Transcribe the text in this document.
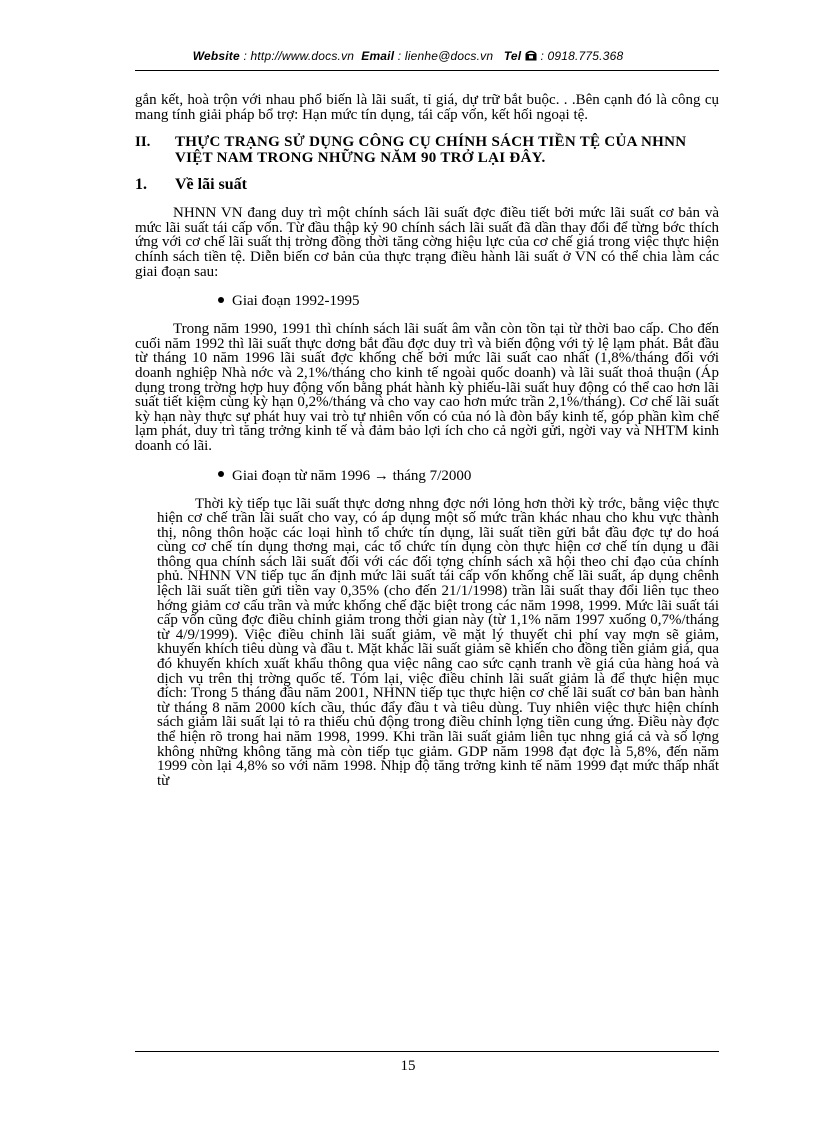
Website : http://www.docs.vn Email : lienhe@docs.vn Tel : 0918.775.368

gắn kết, hoà trộn với nhau phổ biến là lãi suất, tỉ giá, dự trữ bắt buộc. . .Bên cạnh đó là công cụ mang tính giải pháp bổ trợ: Hạn mức tín dụng, tái cấp vốn, kết hối ngoại tệ.

II.	THỰC TRẠNG SỬ DỤNG CÔNG CỤ CHÍNH SÁCH TIỀN TỆ CỦA NHNN VIỆT NAM TRONG NHỮNG NĂM 90 TRỞ LẠI ĐÂY.
1.	Về lãi suất

NHNN VN đang duy trì một chính sách lãi suất đợc điều tiết bởi mức lãi suất cơ bản và mức lãi suất tái cấp vốn. Từ đầu thập kỷ 90 chính sách lãi suất đã dần thay đổi để từng bớc thích ứng với cơ chế lãi suất thị trờng đồng thời tăng cờng hiệu lực của cơ chế giá trong việc thực hiện chính sách tiền tệ. Diễn biến cơ bản của thực trạng điều hành lãi suất ở VN có thể chia làm các giai đoạn sau:

Giai đoạn 1992-1995

Trong năm 1990, 1991 thì chính sách lãi suất âm vẫn còn tồn tại từ thời bao cấp. Cho đến cuối năm 1992 thì lãi suất thực dơng bắt đầu đợc duy trì và biến động với tỷ lệ lạm phát. Bắt đầu từ tháng 10 năm 1996 lãi suất đợc khống chế bởi mức lãi suất cao nhất (1,8%/tháng đối với doanh nghiệp Nhà nớc và 2,1%/tháng cho kinh tế ngoài quốc doanh) và lãi suất thoả thuận (Áp dụng trong trờng hợp huy động vốn bằng phát hành kỳ phiếu-lãi suất huy động có thể cao hơn lãi suất tiết kiệm cùng kỳ hạn 0,2%/tháng và cho vay cao hơn mức trần 2,1%/tháng). Cơ chế lãi suất kỳ hạn này thực sự phát huy vai trò tự nhiên vốn có của nó là đòn bẩy kinh tế, góp phần kìm chế lạm phát, duy trì tăng trởng kinh tế và đảm bảo lợi ích cho cả ngời gửi, ngời vay và NHTM kinh doanh có lãi.

Giai đoạn từ năm 1996 → tháng 7/2000

Thời kỳ tiếp tục lãi suất thực dơng nhng đợc nới lỏng hơn thời kỳ trớc, bằng việc thực hiện cơ chế trần lãi suất cho vay, có áp dụng một số mức trần khác nhau cho khu vực thành thị, nông thôn hoặc các loại hình tổ chức tín dụng, lãi suất tiền gửi bắt đầu đợc tự do hoá cùng cơ chế tín dụng thơng mại, các tổ chức tín dụng còn thực hiện cơ chế tín dụng u đãi thông qua chính sách lãi suất đối với các đối tợng chính sách xã hội theo chỉ đạo của chính phủ. NHNN VN tiếp tục ấn định mức lãi suất tái cấp vốn khống chế lãi suất, áp dụng chênh lệch lãi suất tiền gửi tiền vay 0,35% (cho đến 21/1/1998) trần lãi suất thay đổi liên tục theo hớng giảm cơ cấu trần và mức khống chế đặc biệt trong các năm 1998, 1999. Mức lãi suất tái cấp vốn cũng đợc điều chỉnh giảm trong thời gian này (từ 1,1% năm 1997 xuống 0,7%/tháng từ 4/9/1999). Việc điều chỉnh lãi suất giảm, về mặt lý thuyết chi phí vay mợn sẽ giảm, khuyến khích tiêu dùng và đầu t. Mặt khác lãi suất giảm sẽ khiến cho đồng tiền giảm giá, qua đó khuyến khích xuất khẩu thông qua việc nâng cao sức cạnh tranh về giá của hàng hoá và dịch vụ trên thị trờng quốc tế. Tóm lại, việc điều chỉnh lãi suất giảm là để thực hiện mục đích: Trong 5 tháng đầu năm 2001, NHNN tiếp tục thực hiện cơ chế lãi suất cơ bản ban hành từ tháng 8 năm 2000 kích cầu, thúc đẩy đầu t và tiêu dùng. Tuy nhiên việc thực hiện chính sách giảm lãi suất lại tỏ ra thiếu chủ động trong điều chỉnh lợng tiền cung ứng. Điều này đợc thể hiện rõ trong hai năm 1998, 1999. Khi trần lãi suất giảm liên tục nhng giá cả và số lợng không những không tăng mà còn tiếp tục giảm. GDP năm 1998 đạt đợc là 5,8%, đến năm 1999 còn lại 4,8% so với năm 1998. Nhịp độ tăng trởng kinh tế năm 1999 đạt mức thấp nhất từ

15
